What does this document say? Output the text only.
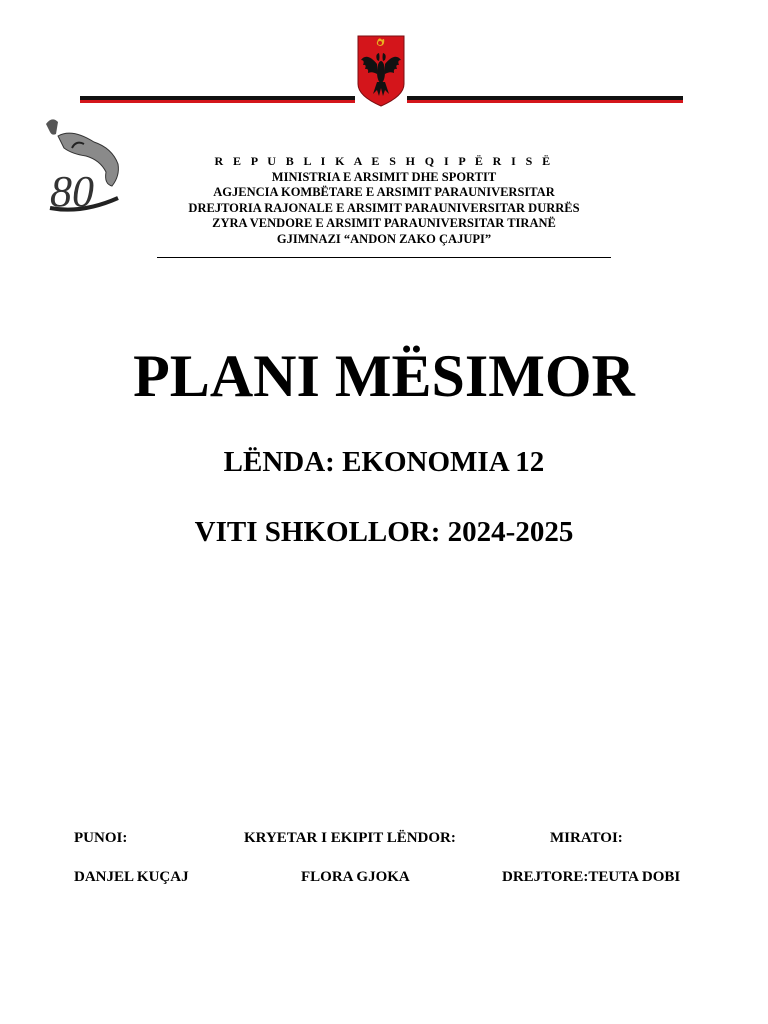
80
R E P U B L I K A E S H Q I P Ë R I S Ë
MINISTRIA E ARSIMIT DHE SPORTIT
AGJENCIA KOMBËTARE E ARSIMIT PARAUNIVERSITAR
DREJTORIA RAJONALE E ARSIMIT PARAUNIVERSITAR DURRËS
ZYRA VENDORE E ARSIMIT PARAUNIVERSITAR TIRANË
GJIMNAZI “ANDON ZAKO ÇAJUPI”
PLANI MËSIMOR
LËNDA: EKONOMIA 12
VITI SHKOLLOR: 2024-2025
PUNOI:	KRYETAR I EKIPIT LËNDOR:	MIRATOI:
DANJEL KUÇAJ	FLORA GJOKA	DREJTORE:TEUTA DOBI
